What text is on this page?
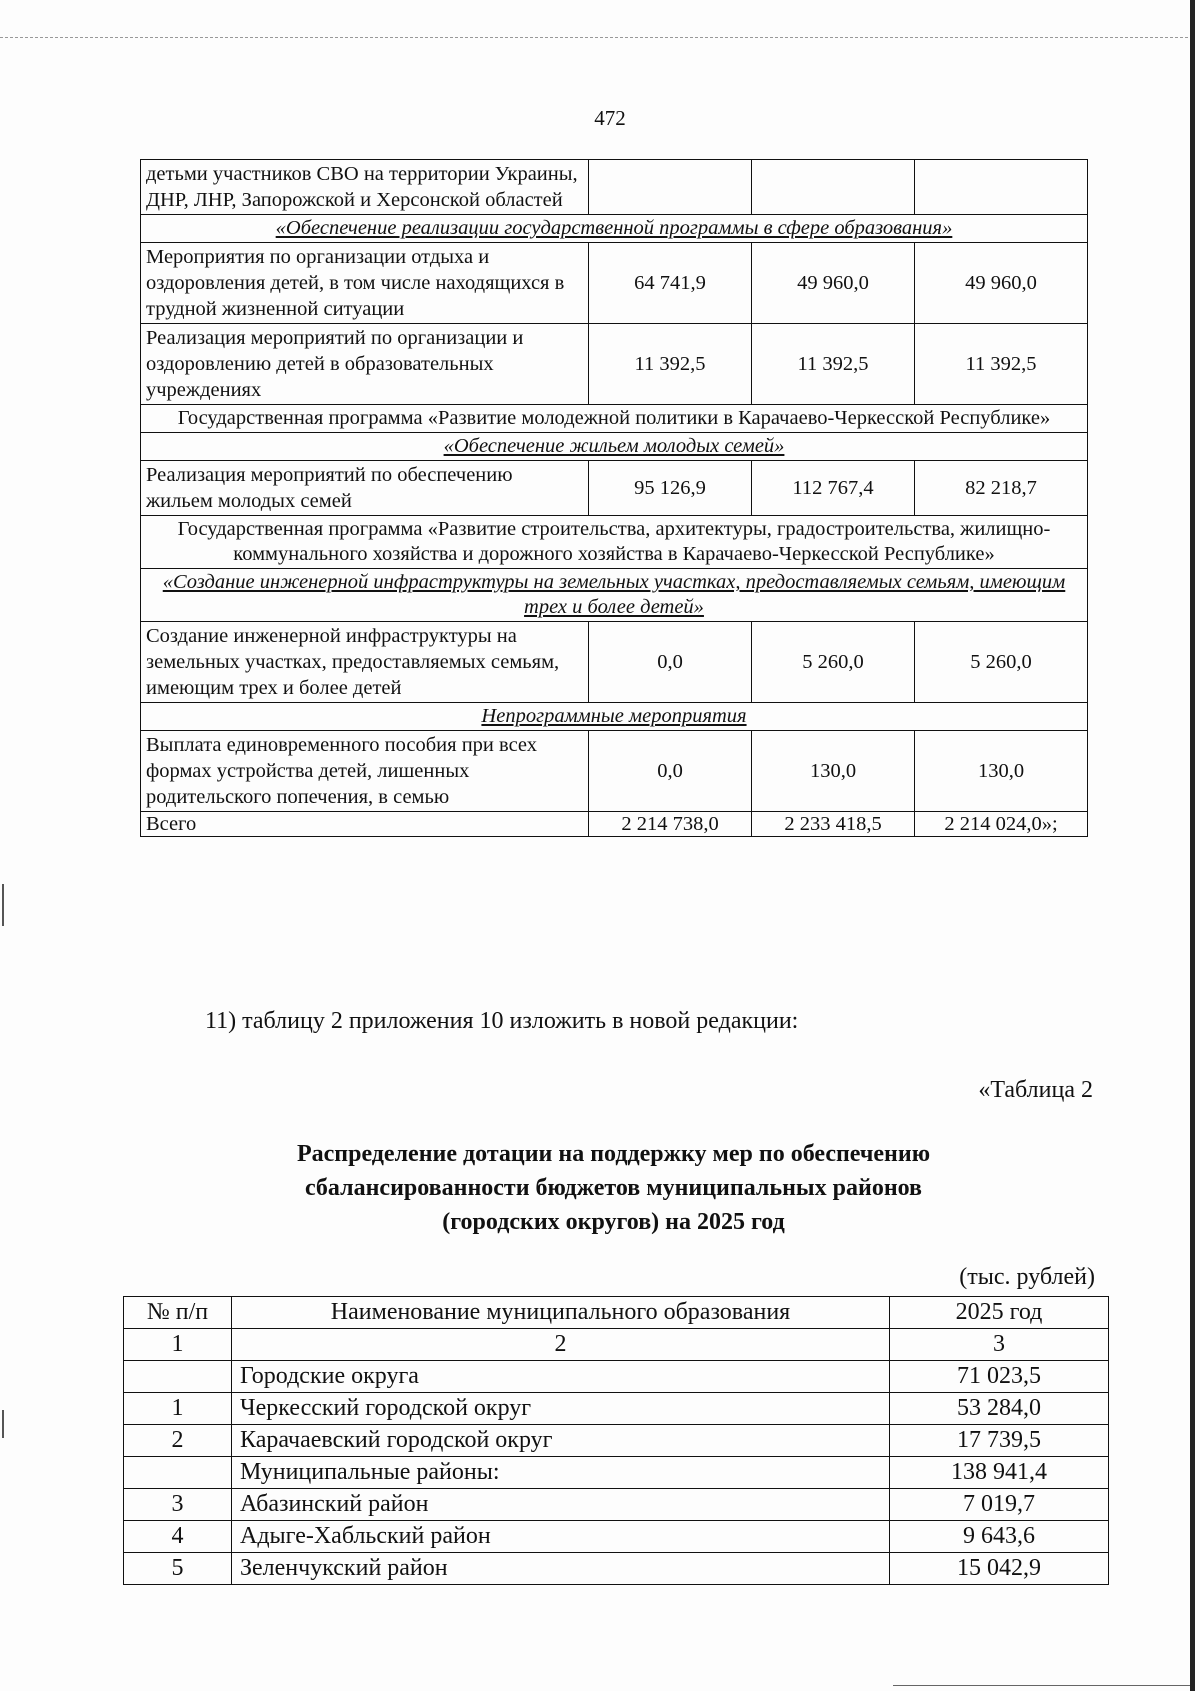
472
детьми участников СВО на территории Украины, ДНР, ЛНР, Запорожской и Херсонской областей			
«Обеспечение реализации государственной программы в сфере образования»			
Мероприятия по организации отдыха и оздоровления детей, в том числе находящихся в трудной жизненной ситуации	64 741,9	49 960,0	49 960,0
Реализация мероприятий по организации и оздоровлению детей в образовательных учреждениях	11 392,5	11 392,5	11 392,5
Государственная программа «Развитие молодежной политики в Карачаево-Черкесской Республике»			
«Обеспечение жильем молодых семей»			
Реализация мероприятий по обеспечению жильем молодых семей	95 126,9	112 767,4	82 218,7
Государственная программа «Развитие строительства, архитектуры, градостроительства, жилищно-коммунального хозяйства и дорожного хозяйства в Карачаево-Черкесской Республике»			
«Создание инженерной инфраструктуры на земельных участках, предоставляемых семьям, имеющим трех и более детей»			
Создание инженерной инфраструктуры на земельных участках, предоставляемых семьям, имеющим трех и более детей	0,0	5 260,0	5 260,0
Непрограммные мероприятия			
Выплата единовременного пособия при всех формах устройства детей, лишенных родительского попечения, в семью	0,0	130,0	130,0
Всего	2 214 738,0	2 233 418,5	2 214 024,0»;
11) таблицу 2 приложения 10 изложить в новой редакции:
«Таблица 2
Распределение дотации на поддержку мер по обеспечению
сбалансированности бюджетов муниципальных районов
(городских округов) на 2025 год
(тыс. рублей)
№ п/п	Наименование муниципального образования	2025 год
1	2	3
	Городские округа	71 023,5
1	Черкесский городской округ	53 284,0
2	Карачаевский городской округ	17 739,5
	Муниципальные районы:	138 941,4
3	Абазинский район	7 019,7
4	Адыге-Хабльский район	9 643,6
5	Зеленчукский район	15 042,9
